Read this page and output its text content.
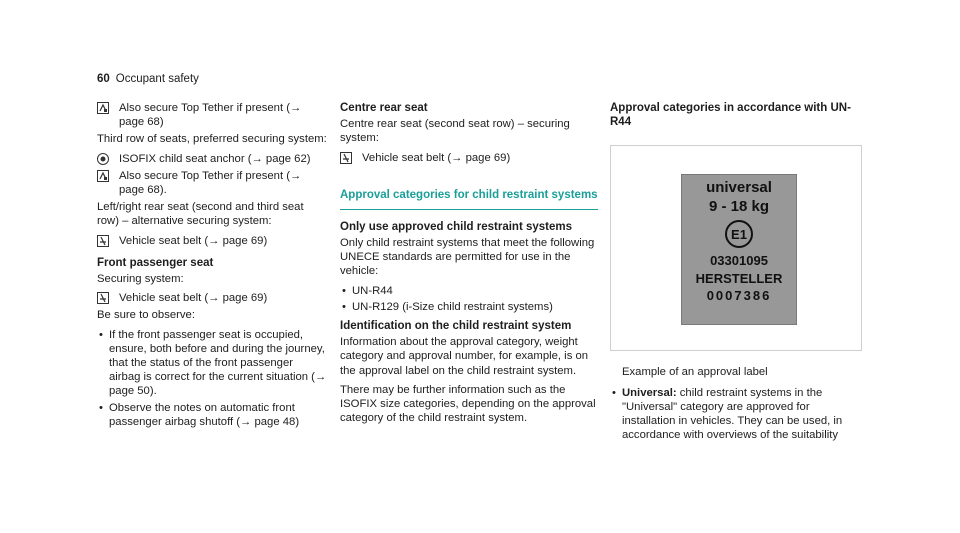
60 Occupant safety
Also secure Top Tether if present (→ page 68)

Third row of seats, preferred securing system:

ISOFIX child seat anchor (→ page 62)
Also secure Top Tether if present (→ page 68).

Left/right rear seat (second and third seat row) – alternative securing system:

Vehicle seat belt (→ page 69)
Front passenger seat

Securing system:

Vehicle seat belt (→ page 69)

Be sure to observe:

• If the front passenger seat is occupied, ensure, both before and during the journey, that the status of the front passenger airbag is correct for the current situation (→ page 50).
• Observe the notes on automatic front passenger airbag shutoff (→ page 48)
Centre rear seat

Centre rear seat (second seat row) – securing system:

Vehicle seat belt (→ page 69)
Approval categories for child restraint systems
Only use approved child restraint systems

Only child restraint systems that meet the following UNECE standards are permitted for use in the vehicle:

• UN-R44
• UN-R129 (i-Size child restraint systems)
Identification on the child restraint system

Information about the approval category, weight category and approval number, for example, is on the approval label on the child restraint system.

There may be further information such as the ISOFIX size categories, depending on the approval category of the child restraint system.

Approval categories in accordance with UN-R44
universal
9 - 18 kg
E1
03301095
HERSTELLER
0007386

Example of an approval label

• Universal: child restraint systems in the "Universal" category are approved for installation in vehicles. They can be used, in accordance with overviews of the suitability
